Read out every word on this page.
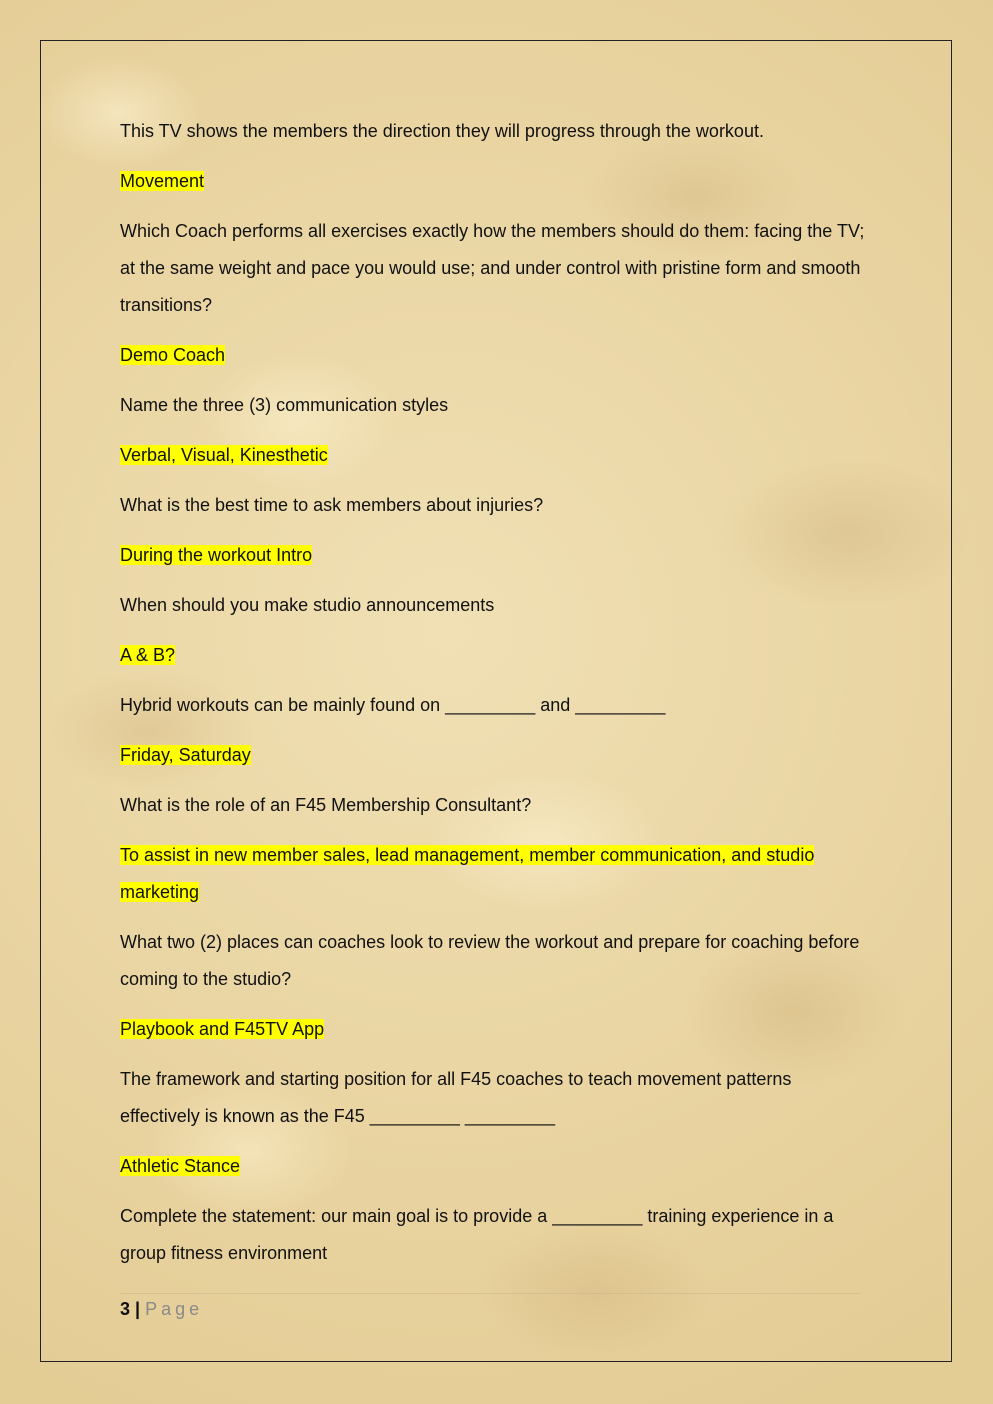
This TV shows the members the direction they will progress through the workout.

Movement

Which Coach performs all exercises exactly how the members should do them: facing the TV; at the same weight and pace you would use; and under control with pristine form and smooth transitions?

Demo Coach

Name the three (3) communication styles

Verbal, Visual, Kinesthetic

What is the best time to ask members about injuries?

During the workout Intro

When should you make studio announcements

A & B?

Hybrid workouts can be mainly found on _________ and _________

Friday, Saturday

What is the role of an F45 Membership Consultant?

To assist in new member sales, lead management, member communication, and studio marketing

What two (2) places can coaches look to review the workout and prepare for coaching before coming to the studio?

Playbook and F45TV App

The framework and starting position for all F45 coaches to teach movement patterns effectively is known as the F45 _________ _________

Athletic Stance

Complete the statement: our main goal is to provide a _________ training experience in a group fitness environment

3 | Page
